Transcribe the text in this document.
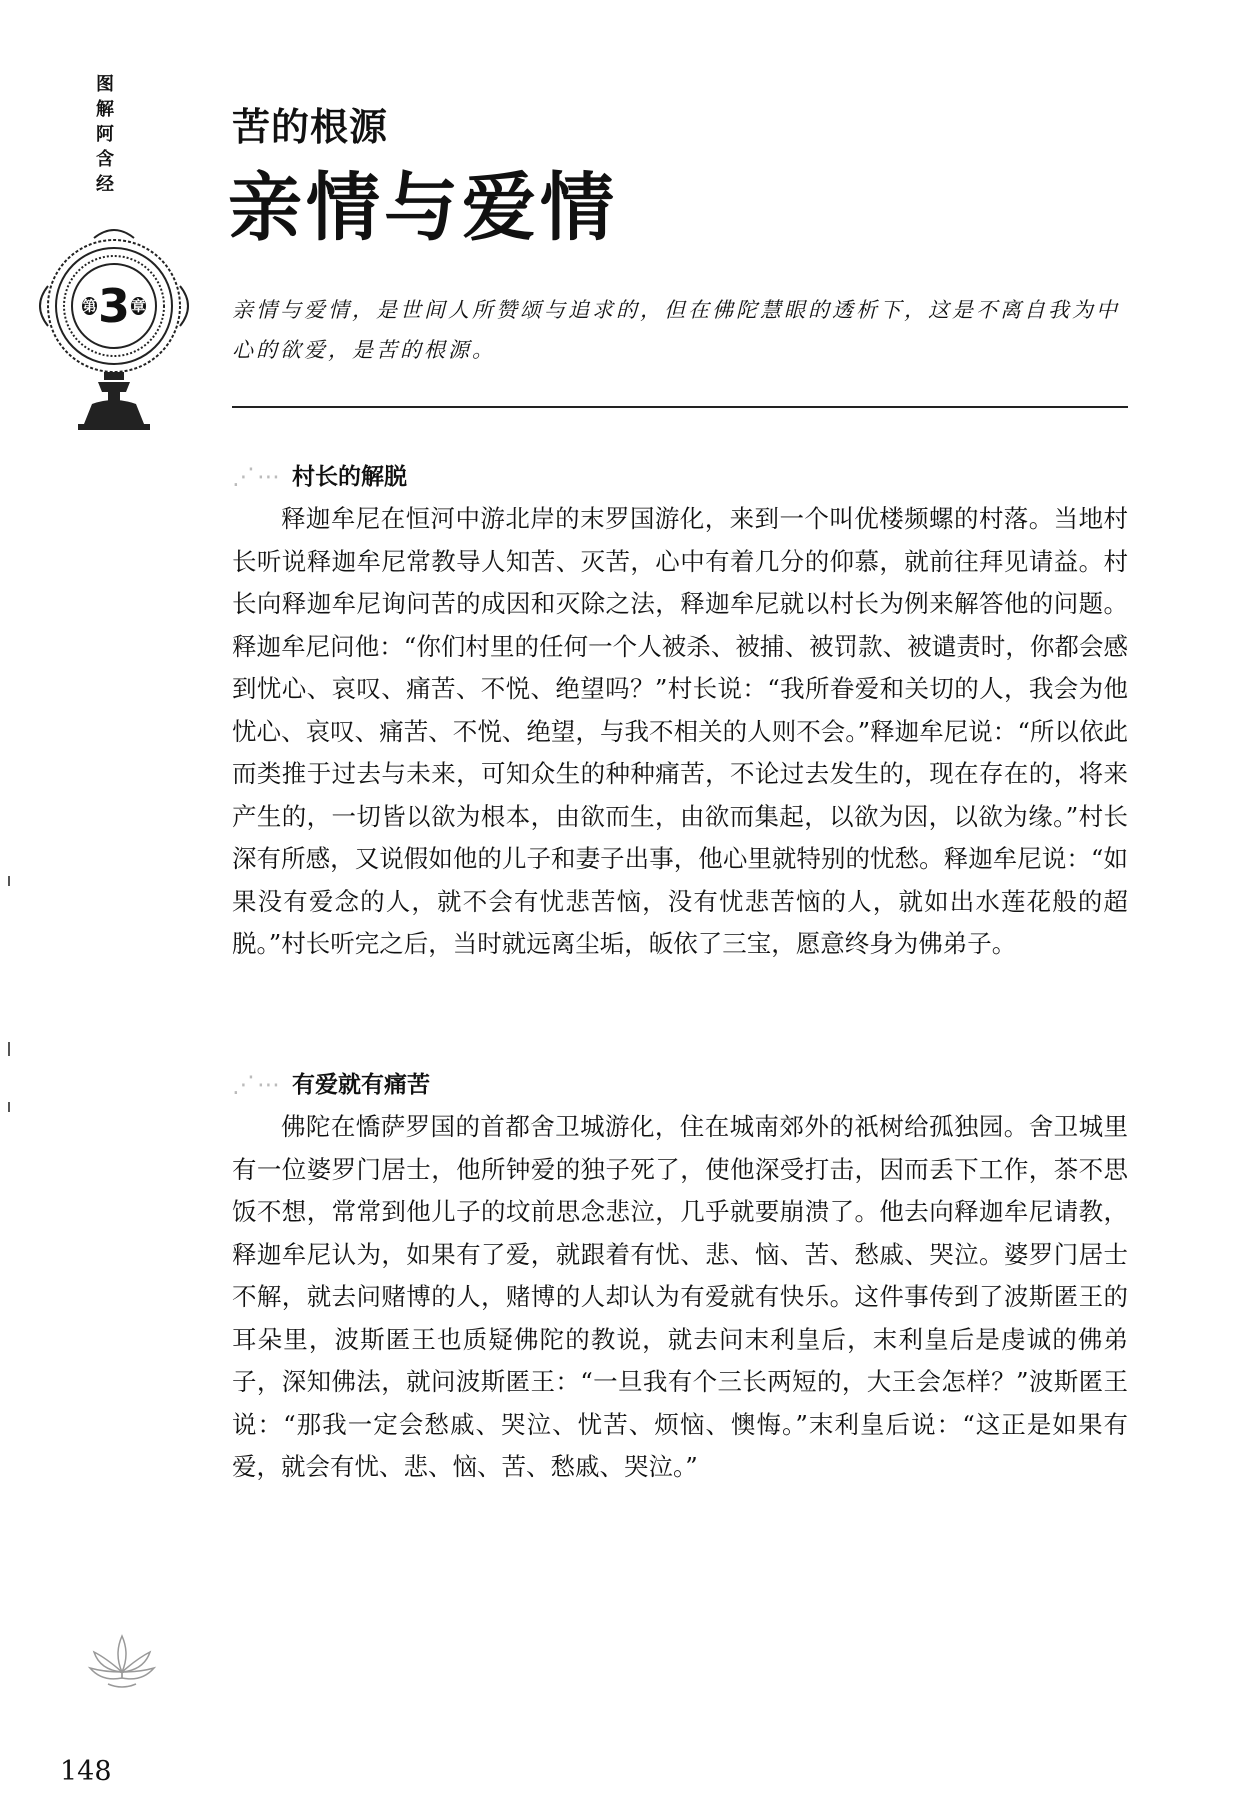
图解阿含经
第 3 章
苦的根源
亲情与爱情
亲情与爱情，是世间人所赞颂与追求的，但在佛陀慧眼的透析下，这是不离自我为中心的欲爱，是苦的根源。
⋰⋯ 村长的解脱
释迦牟尼在恒河中游北岸的末罗国游化，来到一个叫优楼频螺的村落。当地村长听说释迦牟尼常教导人知苦、灭苦，心中有着几分的仰慕，就前往拜见请益。村长向释迦牟尼询问苦的成因和灭除之法，释迦牟尼就以村长为例来解答他的问题。释迦牟尼问他：“你们村里的任何一个人被杀、被捕、被罚款、被谴责时，你都会感到忧心、哀叹、痛苦、不悦、绝望吗？”村长说：“我所眷爱和关切的人，我会为他忧心、哀叹、痛苦、不悦、绝望，与我不相关的人则不会。”释迦牟尼说：“所以依此而类推于过去与未来，可知众生的种种痛苦，不论过去发生的，现在存在的，将来产生的，一切皆以欲为根本，由欲而生，由欲而集起，以欲为因，以欲为缘。”村长深有所感，又说假如他的儿子和妻子出事，他心里就特别的忧愁。释迦牟尼说：“如果没有爱念的人，就不会有忧悲苦恼，没有忧悲苦恼的人，就如出水莲花般的超脱。”村长听完之后，当时就远离尘垢，皈依了三宝，愿意终身为佛弟子。
⋰⋯ 有爱就有痛苦
佛陀在憍萨罗国的首都舍卫城游化，住在城南郊外的祇树给孤独园。舍卫城里有一位婆罗门居士，他所钟爱的独子死了，使他深受打击，因而丢下工作，茶不思饭不想，常常到他儿子的坟前思念悲泣，几乎就要崩溃了。他去向释迦牟尼请教，释迦牟尼认为，如果有了爱，就跟着有忧、悲、恼、苦、愁戚、哭泣。婆罗门居士不解，就去问赌博的人，赌博的人却认为有爱就有快乐。这件事传到了波斯匿王的耳朵里，波斯匿王也质疑佛陀的教说，就去问末利皇后，末利皇后是虔诚的佛弟子，深知佛法，就问波斯匿王：“一旦我有个三长两短的，大王会怎样？”波斯匿王说：“那我一定会愁戚、哭泣、忧苦、烦恼、懊悔。”末利皇后说：“这正是如果有爱，就会有忧、悲、恼、苦、愁戚、哭泣。”
148
